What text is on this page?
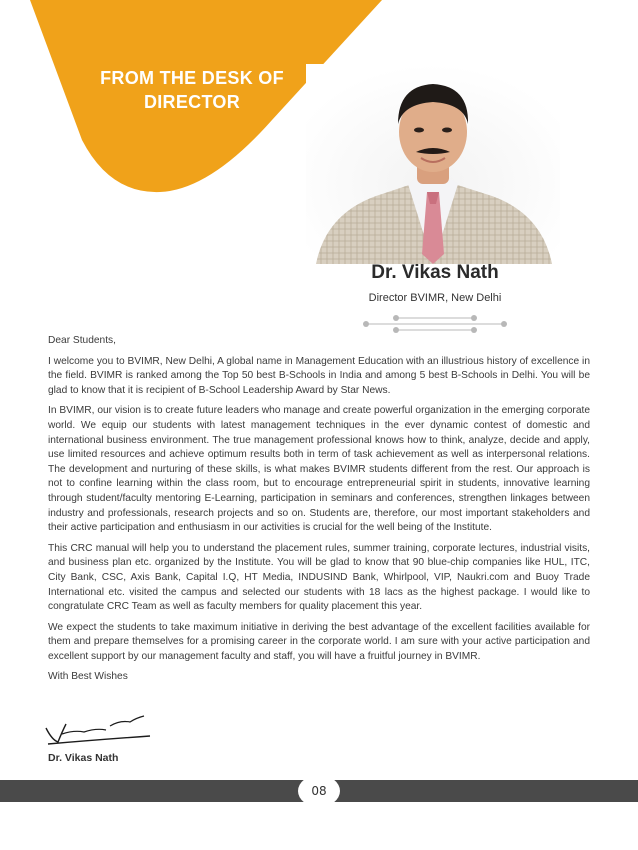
FROM THE DESK OF DIRECTOR
Dr. Vikas Nath
Director BVIMR, New Delhi

Dear Students,

I welcome you to BVIMR, New Delhi, A global name in Management Education with an illustrious history of excellence in the field. BVIMR is ranked among the Top 50 best B-Schools in India and among 5 best B-Schools in Delhi. You will be glad to know that it is recipient of B-School Leadership Award by Star News.

In BVIMR, our vision is to create future leaders who manage and create powerful organization in the emerging corporate world. We equip our students with latest management techniques in the ever dynamic contest of domestic and international business environment. The true management professional knows how to think, analyze, decide and apply, use limited resources and achieve optimum results both in term of task achievement as well as interpersonal relations. The development and nurturing of these skills, is what makes BVIMR students different from the rest. Our approach is not to confine learning within the class room, but to encourage entrepreneurial spirit in students, innovative learning through student/faculty mentoring E-Learning, participation in seminars and conferences, strengthen linkages between industry and professionals, research projects and so on. Students are, therefore, our most important stakeholders and their active participation and enthusiasm in our activities is crucial for the well being of the Institute.

This CRC manual will help you to understand the placement rules, summer training, corporate lectures, industrial visits, and business plan etc. organized by the Institute. You will be glad to know that 90 blue-chip companies like HUL, ITC, City Bank, CSC, Axis Bank, Capital I.Q, HT Media, INDUSIND Bank, Whirlpool, VIP, Naukri.com and Buoy Trade International etc. visited the campus and selected our students with 18 lacs as the highest package. I would like to congratulate CRC Team as well as faculty members for quality placement this year.

We expect the students to take maximum initiative in deriving the best advantage of the excellent facilities available for them and prepare themselves for a promising career in the corporate world. I am sure with your active participation and excellent support by our management faculty and staff, you will have a fruitful journey in BVIMR.

With Best Wishes

Dr. Vikas Nath
08
